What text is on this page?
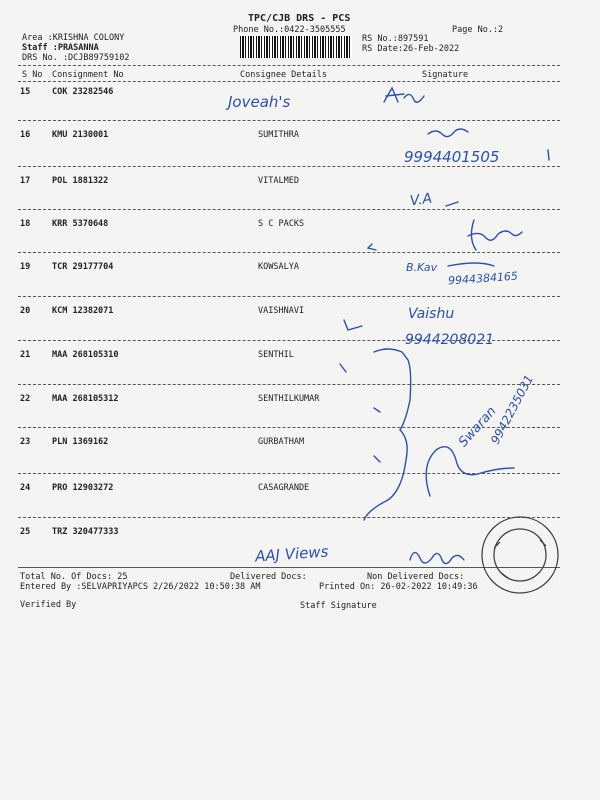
TPC/CJB DRS - PCS
Phone No.:0422-3505555	Page No.:2
Area :KRISHNA COLONY
Staff :PRASANNA
DRS No. :DCJB89759102
RS No.:897591
RS Date:26-Feb-2022
S No Consignment No	Consignee Details	Signature
15	COK 23282546
16	KMU 2130001	SUMITHRA
17	POL 1881322	VITALMED
18	KRR 5370648	S C PACKS
19	TCR 29177704	KOWSALYA
20	KCM 12382071	VAISHNAVI
21	MAA 268105310	SENTHIL
22	MAA 268105312	SENTHILKUMAR
23	PLN 1369162	GURBATHAM
24	PRO 12903272	CASAGRANDE
25	TRZ 320477333
Total No. Of Docs: 25	Delivered Docs:	Non Delivered Docs:
Entered By :SELVAPRIYAPCS 2/26/2022 10:50:38 AM	Printed On: 26-02-2022 10:49:36
Verified By	Staff Signature
Joveah's
9994401505
B.Kav
9944384165
Vaishu
9944208021
9942235031
AAJ Views
V.A
Swaran
